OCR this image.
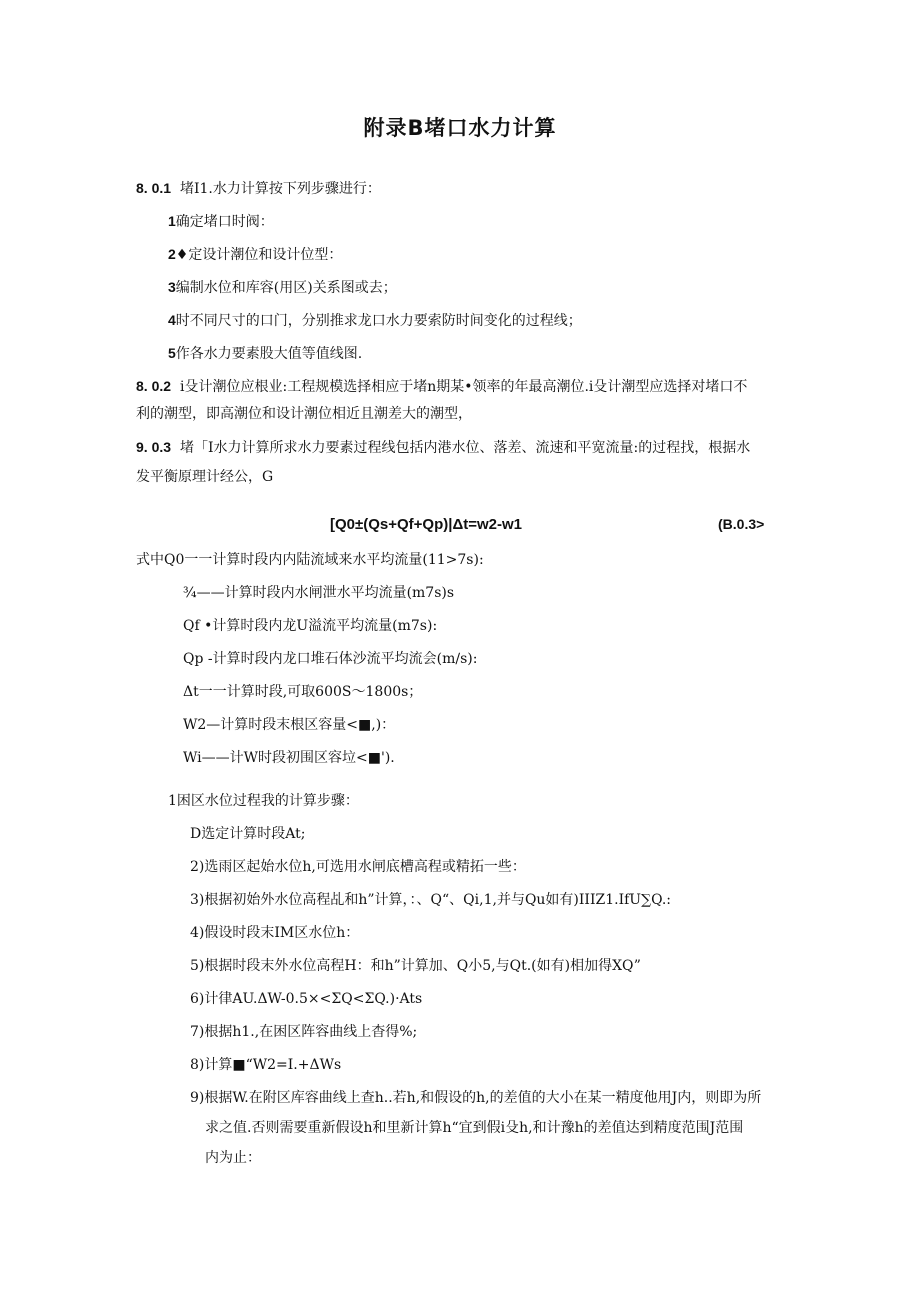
附录B堵口水力计算
8. 0.1 堵I1.水力计算按下列步骤进行：
1确定堵口时阀：
2♦定设计潮位和设计位型：
3编制水位和库容(用区)关系图或去；
4时不同尺寸的口门，分别推求龙口水力要索防时间变化的过程线；
5作各水力要素股大值等值线图.
8. 0.2 i殳计潮位应根业:工程规模选择相应于堵n期某•领率的年最高潮位.i殳计潮型应选择对堵口不
利的潮型，即高潮位和设计潮位相近且潮差大的潮型，
9. 0.3 堵「I水力计算所求水力要素过程线包括内港水位、落差、流速和平宽流量:的过程找，根据水
发平衡原理计经公，G
[Q0±(Qs+Qf+Qp)|Δt=w2-w1	(B.0.3>
式中Q0一一计算时段内内陆流域来水平均流量(11>7s):
¾——计算时段内水闸泄水平均流量(m7s)s
Qf •计算时段内龙U溢流平均流量(m7s):
Qp -计算时段内龙口堆石体沙流平均流会(m∕s):
Δt一一计算时段,可取600S～1800s；
W2—计算时段末根区容量<■,)：
Wi——计W时段初围区容垃<■').
1困区水位过程我的计算步骤：
D选定计算时段At;
2)选雨区起始水位h,可选用水闸底槽高程或精拓一些：
3)根据初始外水位高程乩和h”计算，：、Q“、Qi,1,并与Qu如有)IIIZ1.IfU∑Q.:
4)假设时段末IM区水位h：
5)根据时段末外水位高程H：和h”计算加、Q小5,与Qt.(如有)相加得XQ”
6)计律AU.ΔW-0.5×<ΣQ<ΣQ.)·Ats
7)根据h1.,在困区阵容曲线上杳得%;
8)计算■“W2=I.+ΔWs
9)根据W.在附区库容曲线上查h..若h,和假设的h,的差值的大小在某一精度他用J内，则即为所
求之值.否则需要重新假设h和里新计算h“宜到假i殳h,和计豫h的差值达到精度范围J范围
内为止：
